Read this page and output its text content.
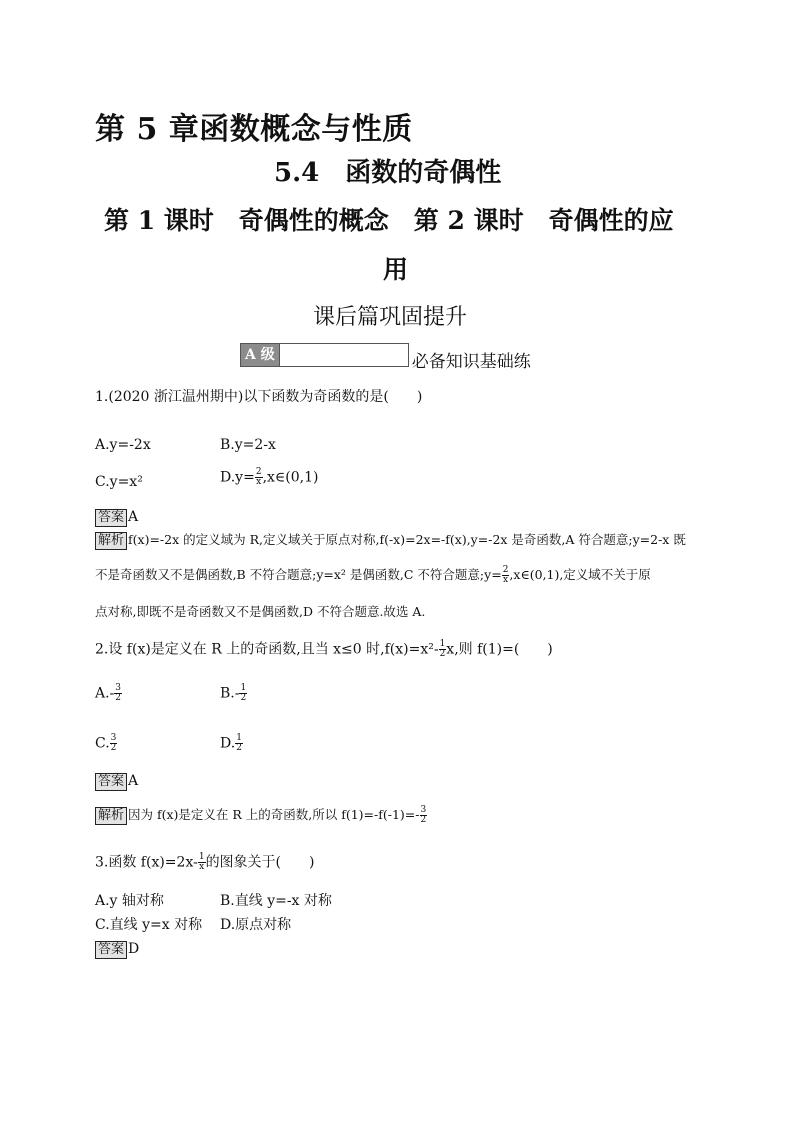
第 5 章函数概念与性质
5.4　函数的奇偶性
第 1 课时　奇偶性的概念　第 2 课时　奇偶性的应
用
课后篇巩固提升
A 级	必备知识基础练
1.(2020 浙江温州期中)以下函数为奇函数的是(　　)
A.y=-2x	B.y=2-x
C.y=x²	$D.y= \frac{2}{x}$ ,x∈(0,1)
答案 A
解析 f(x)=-2x 的定义域为 R,定义域关于原点对称,f(-x)=2x=-f(x),y=-2x 是奇函数,A 符合题意;y=2-x 既
不是奇函数又不是偶函数,B 不符合题意;y=x² 是偶函数,C 不符合题意;y= $\frac{2}{x}$ ,x∈(0,1),定义域不关于原
点对称,即既不是奇函数又不是偶函数,D 不符合题意.故选 A.
2.设 f(x)是定义在 R 上的奇函数,且当 x≤0 时$,f(x)=x^2- \frac{1}{2} x$,则 f(1)=(　　)
$A.- \frac{3}{2}$	$B.- \frac{1}{2}$
C. $\frac{3}{2}$	D. $\frac{1}{2}$
答案 A
解析 因为 f(x)是定义在 R 上的奇函数,所以 $f(1)=-f(-1)=- \frac{3}{2}$
3.函数 $f(x)=2x- \frac{1}{x}$ 的图象关于(　　)
A.y 轴对称	B.直线 y=-x 对称
C.直线 y=x 对称 D.原点对称
答案 D
